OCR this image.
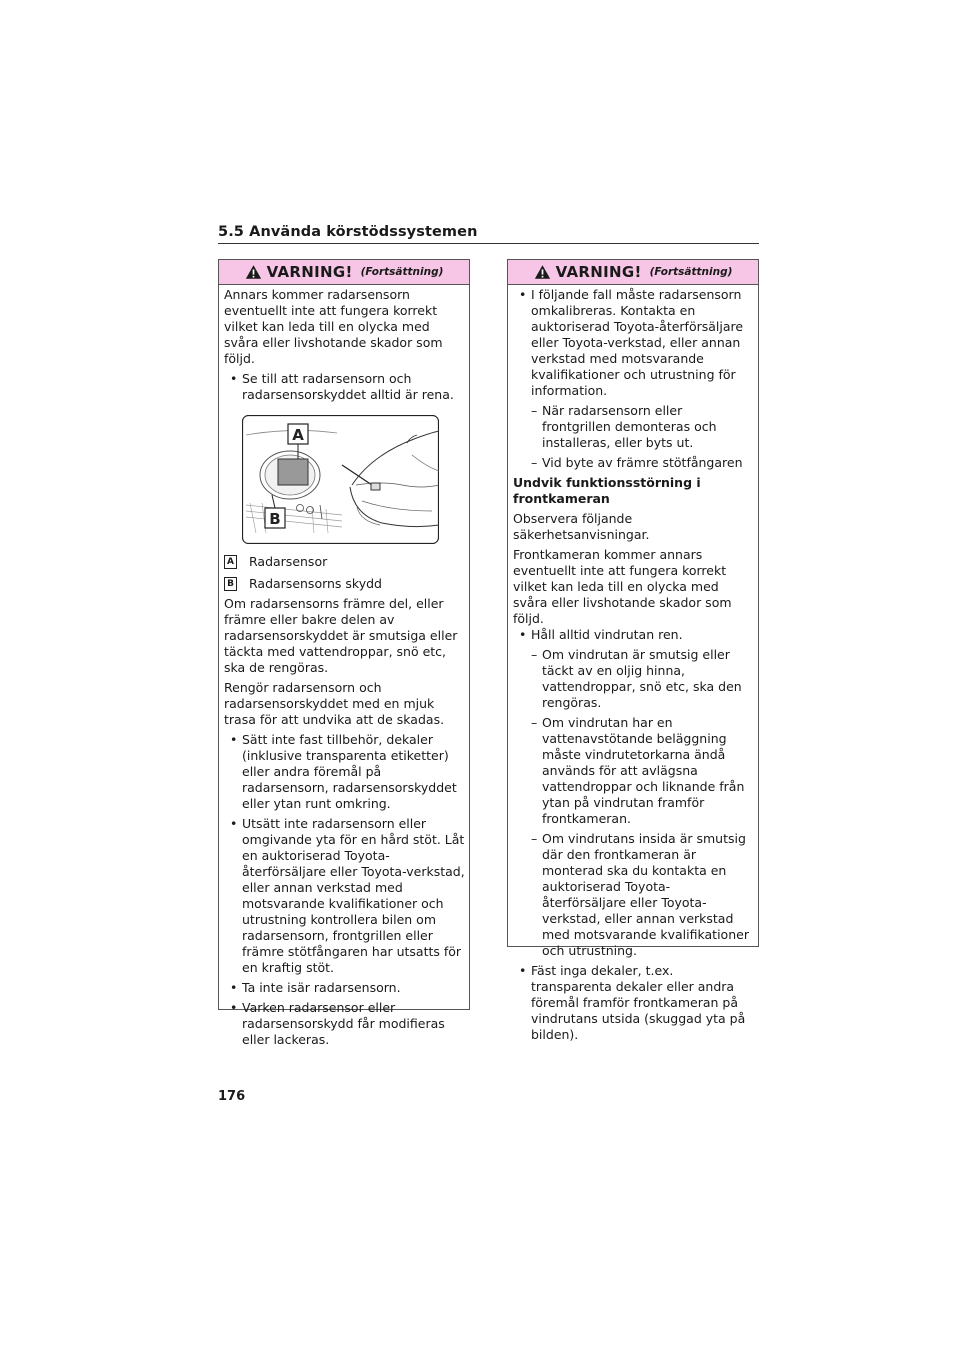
5.5 Använda körstödssystemen
VARNING! (Fortsättning)

Annars kommer radarsensorn eventuellt inte att fungera korrekt vilket kan leda till en olycka med svåra eller livshotande skador som följd.

• Se till att radarsensorn och radarsensorskyddet alltid är rena.

A
B
A Radarsensor
B Radarsensorns skydd

Om radarsensorns främre del, eller främre eller bakre delen av radarsensorskyddet är smutsiga eller täckta med vattendroppar, snö etc, ska de rengöras.

Rengör radarsensorn och radarsensorskyddet med en mjuk trasa för att undvika att de skadas.

• Sätt inte fast tillbehör, dekaler (inklusive transparenta etiketter) eller andra föremål på radarsensorn, radarsensorskyddet eller ytan runt omkring.

• Utsätt inte radarsensorn eller omgivande yta för en hård stöt. Låt en auktoriserad Toyota-återförsäljare eller Toyota-verkstad, eller annan verkstad med motsvarande kvalifikationer och utrustning kontrollera bilen om radarsensorn, frontgrillen eller främre stötfångaren har utsatts för en kraftig stöt.

• Ta inte isär radarsensorn.

• Varken radarsensor eller radarsensorskydd får modifieras eller lackeras.

VARNING! (Fortsättning)

• I följande fall måste radarsensorn omkalibreras. Kontakta en auktoriserad Toyota-återförsäljare eller Toyota-verkstad, eller annan verkstad med motsvarande kvalifikationer och utrustning för information.

– När radarsensorn eller frontgrillen demonteras och installeras, eller byts ut.

– Vid byte av främre stötfångaren

Undvik funktionsstörning i frontkameran

Observera följande säkerhetsanvisningar.

Frontkameran kommer annars eventuellt inte att fungera korrekt vilket kan leda till en olycka med svåra eller livshotande skador som följd.

• Håll alltid vindrutan ren.

– Om vindrutan är smutsig eller täckt av en oljig hinna, vattendroppar, snö etc, ska den rengöras.

– Om vindrutan har en vattenavstötande beläggning måste vindrutetorkarna ändå används för att avlägsna vattendroppar och liknande från ytan på vindrutan framför frontkameran.

– Om vindrutans insida är smutsig där den frontkameran är monterad ska du kontakta en auktoriserad Toyota-återförsäljare eller Toyota-verkstad, eller annan verkstad med motsvarande kvalifikationer och utrustning.

• Fäst inga dekaler, t.ex. transparenta dekaler eller andra föremål framför frontkameran på vindrutans utsida (skuggad yta på bilden).

176
